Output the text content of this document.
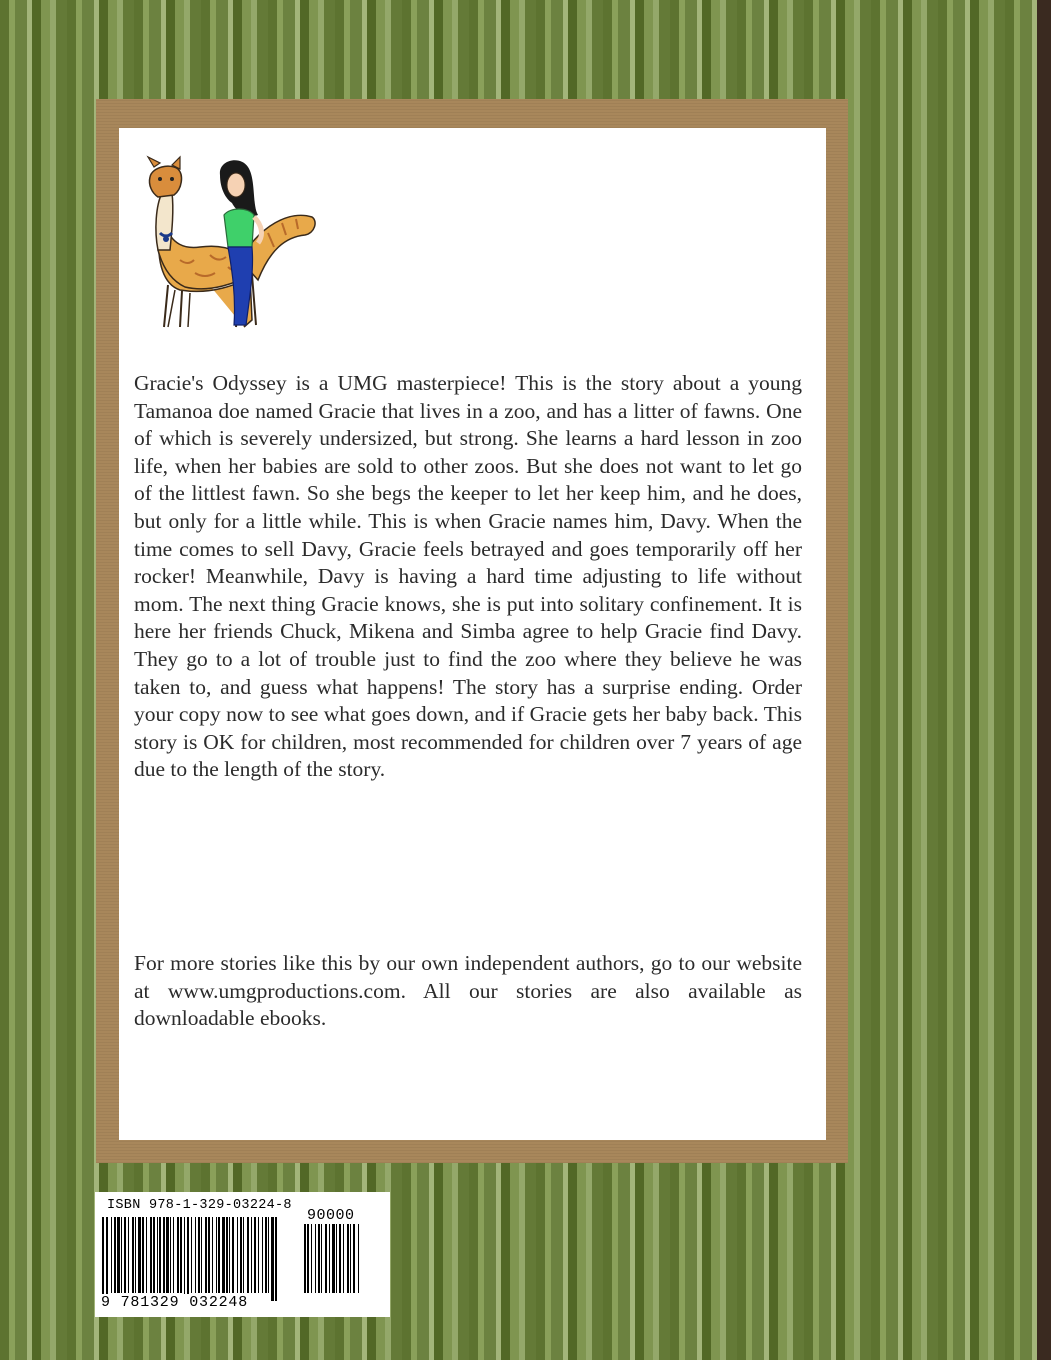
Gracie's Odyssey is a UMG masterpiece! This is the story about a young Tamanoa doe named Gracie that lives in a zoo, and has a litter of fawns. One of which is severely undersized, but strong. She learns a hard lesson in zoo life, when her babies are sold to other zoos. But she does not want to let go of the littlest fawn. So she begs the keeper to let her keep him, and he does, but only for a little while. This is when Gracie names him, Davy. When the time comes to sell Davy, Gracie feels betrayed and goes temporarily off her rocker! Meanwhile, Davy is having a hard time adjusting to life without mom. The next thing Gracie knows, she is put into solitary confinement. It is here her friends Chuck, Mikena and Simba agree to help Gracie find Davy. They go to a lot of trouble just to find the zoo where they believe he was taken to, and guess what happens! The story has a surprise ending. Order your copy now to see what goes down, and if Gracie gets her baby back. This story is OK for children, most recommended for children over 7 years of age due to the length of the story.

For more stories like this by our own independent authors, go to our website at www.umgproductions.com. All our stories are also available as downloadable ebooks.

ISBN 978-1-329-03224-8
90000
9 781329 032248
